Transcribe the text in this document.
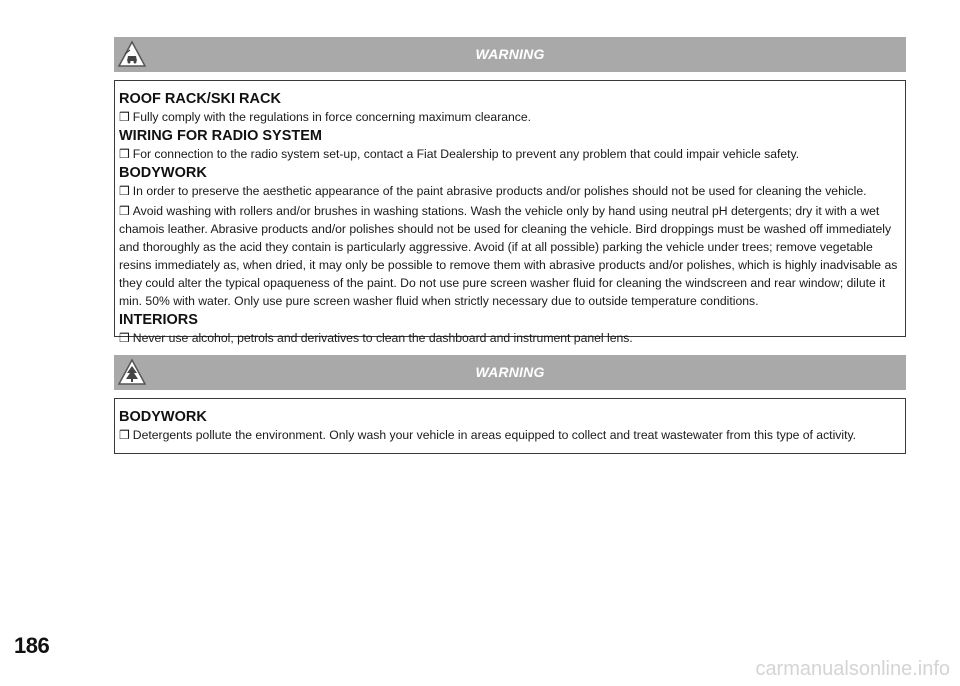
WARNING
ROOF RACK/SKI RACK

❒ Fully comply with the regulations in force concerning maximum clearance.

WIRING FOR RADIO SYSTEM

❒ For connection to the radio system set-up, contact a Fiat Dealership to prevent any problem that could impair vehicle safety.

BODYWORK

❒ In order to preserve the aesthetic appearance of the paint abrasive products and/or polishes should not be used for cleaning the vehicle.

❒ Avoid washing with rollers and/or brushes in washing stations. Wash the vehicle only by hand using neutral pH detergents; dry it with a wet chamois leather. Abrasive products and/or polishes should not be used for cleaning the vehicle. Bird droppings must be washed off immediately and thoroughly as the acid they contain is particularly aggressive. Avoid (if at all possible) parking the vehicle under trees; remove vegetable resins immediately as, when dried, it may only be possible to remove them with abrasive products and/or polishes, which is highly inadvisable as they could alter the typical opaqueness of the paint. Do not use pure screen washer fluid for cleaning the windscreen and rear window; dilute it min. 50% with water. Only use pure screen washer fluid when strictly necessary due to outside temperature conditions.

INTERIORS

❒ Never use alcohol, petrols and derivatives to clean the dashboard and instrument panel lens.

WARNING
BODYWORK

❒ Detergents pollute the environment. Only wash your vehicle in areas equipped to collect and treat wastewater from this type of activity.

186
carmanualsonline.info
